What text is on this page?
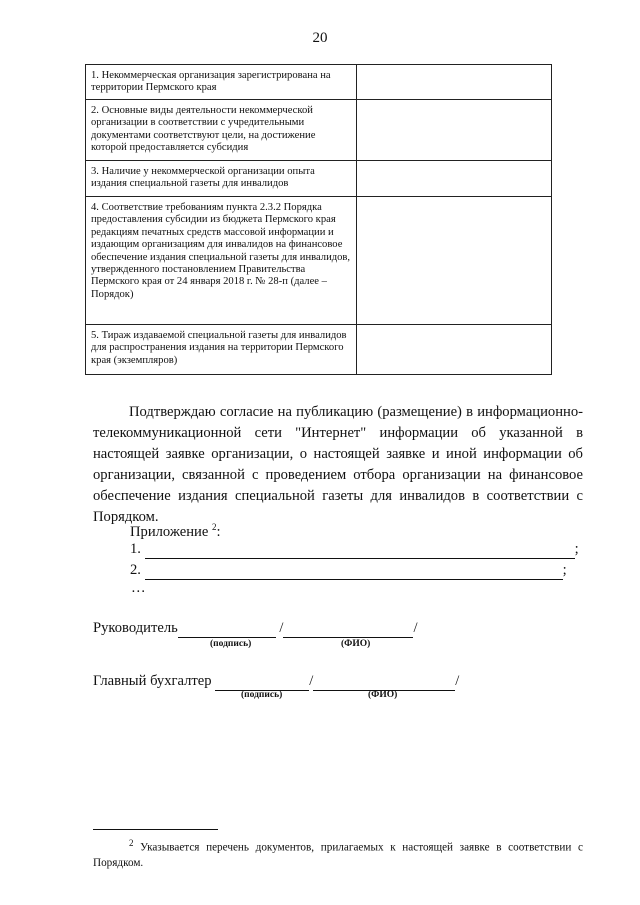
20
1. Некоммерческая организация зарегистрирована на территории Пермского края	
2. Основные виды деятельности некоммерческой организации в соответствии с учредительными документами соответствуют цели, на достижение которой предоставляется субсидия	
3. Наличие у некоммерческой организации опыта издания специальной газеты для инвалидов	
4. Соответствие требованиям пункта 2.3.2 Порядка предоставления субсидии из бюджета Пермского края редакциям печатных средств массовой информации и издающим организациям для инвалидов на финансовое обеспечение издания специальной газеты для инвалидов, утвержденного постановлением Правительства Пермского края от 24 января 2018 г. № 28-п (далее – Порядок)	
5. Тираж издаваемой специальной газеты для инвалидов для распространения издания на территории Пермского края (экземпляров)	
Подтверждаю согласие на публикацию (размещение) в информационно-телекоммуникационной сети "Интернет" информации об указанной в настоящей заявке организации, о настоящей заявке и иной информации об организации, связанной с проведением отбора организации на финансовое обеспечение издания специальной газеты для инвалидов в соответствии с Порядком.
Приложение $^2$:
1.	;
2.	;
…
Руководитель	/	/
(подпись)	(ФИО)
Главный бухгалтер	/	/
(подпись)	(ФИО)
$^2$ Указывается перечень документов, прилагаемых к настоящей заявке в соответствии с Порядком.
